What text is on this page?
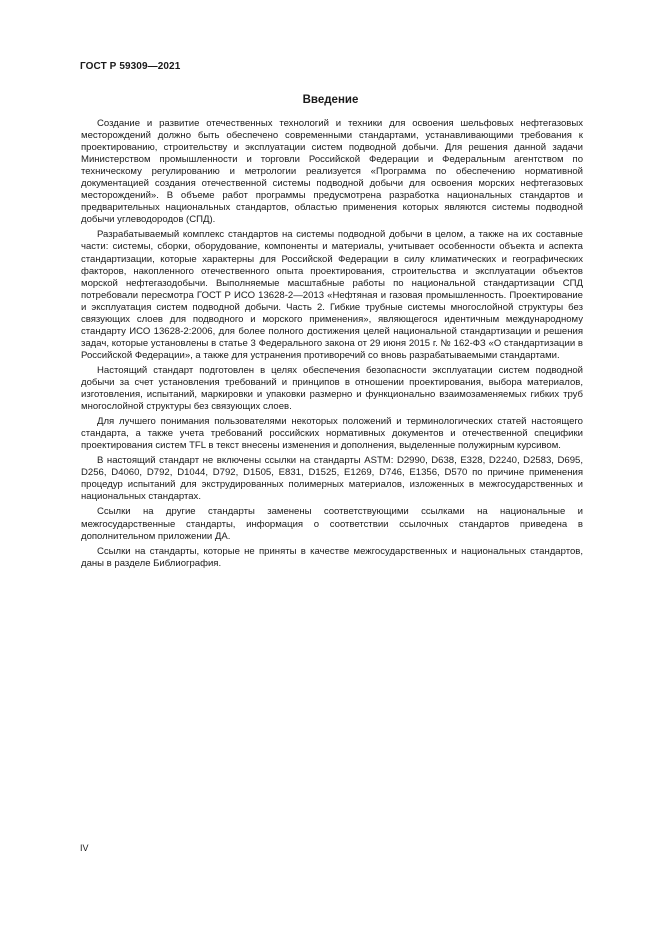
ГОСТ Р 59309—2021
Введение

Создание и развитие отечественных технологий и техники для освоения шельфовых нефтегазовых месторождений должно быть обеспечено современными стандартами, устанавливающими требования к проектированию, строительству и эксплуатации систем подводной добычи. Для решения данной задачи Министерством промышленности и торговли Российской Федерации и Федеральным агентством по техническому регулированию и метрологии реализуется «Программа по обеспечению нормативной документацией создания отечественной системы подводной добычи для освоения морских нефтегазовых месторождений». В объеме работ программы предусмотрена разработка национальных стандартов и предварительных национальных стандартов, областью применения которых являются системы подводной добычи углеводородов (СПД).

Разрабатываемый комплекс стандартов на системы подводной добычи в целом, а также на их составные части: системы, сборки, оборудование, компоненты и материалы, учитывает особенности объекта и аспекта стандартизации, которые характерны для Российской Федерации в силу климатических и географических факторов, накопленного отечественного опыта проектирования, строительства и эксплуатации объектов морской нефтегазодобычи. Выполняемые масштабные работы по национальной стандартизации СПД потребовали пересмотра ГОСТ Р ИСО 13628-2—2013 «Нефтяная и газовая промышленность. Проектирование и эксплуатация систем подводной добычи. Часть 2. Гибкие трубные системы многослойной структуры без связующих слоев для подводного и морского применения», являющегося идентичным международному стандарту ИСО 13628-2:2006, для более полного достижения целей национальной стандартизации и решения задач, которые установлены в статье 3 Федерального закона от 29 июня 2015 г. № 162-ФЗ «О стандартизации в Российской Федерации», а также для устранения противоречий со вновь разрабатываемыми стандартами.

Настоящий стандарт подготовлен в целях обеспечения безопасности эксплуатации систем подводной добычи за счет установления требований и принципов в отношении проектирования, выбора материалов, изготовления, испытаний, маркировки и упаковки размерно и функционально взаимозаменяемых гибких труб многослойной структуры без связующих слоев.

Для лучшего понимания пользователями некоторых положений и терминологических статей настоящего стандарта, а также учета требований российских нормативных документов и отечественной специфики проектирования систем TFL в текст внесены изменения и дополнения, выделенные полужирным курсивом.

В настоящий стандарт не включены ссылки на стандарты ASTM: D2990, D638, E328, D2240, D2583, D695, D256, D4060, D792, D1044, D792, D1505, E831, D1525, E1269, D746, E1356, D570 по причине применения процедур испытаний для экструдированных полимерных материалов, изложенных в межгосударственных и национальных стандартах.

Ссылки на другие стандарты заменены соответствующими ссылками на национальные и межгосударственные стандарты, информация о соответствии ссылочных стандартов приведена в дополнительном приложении ДА.

Ссылки на стандарты, которые не приняты в качестве межгосударственных и национальных стандартов, даны в разделе Библиография.

IV
